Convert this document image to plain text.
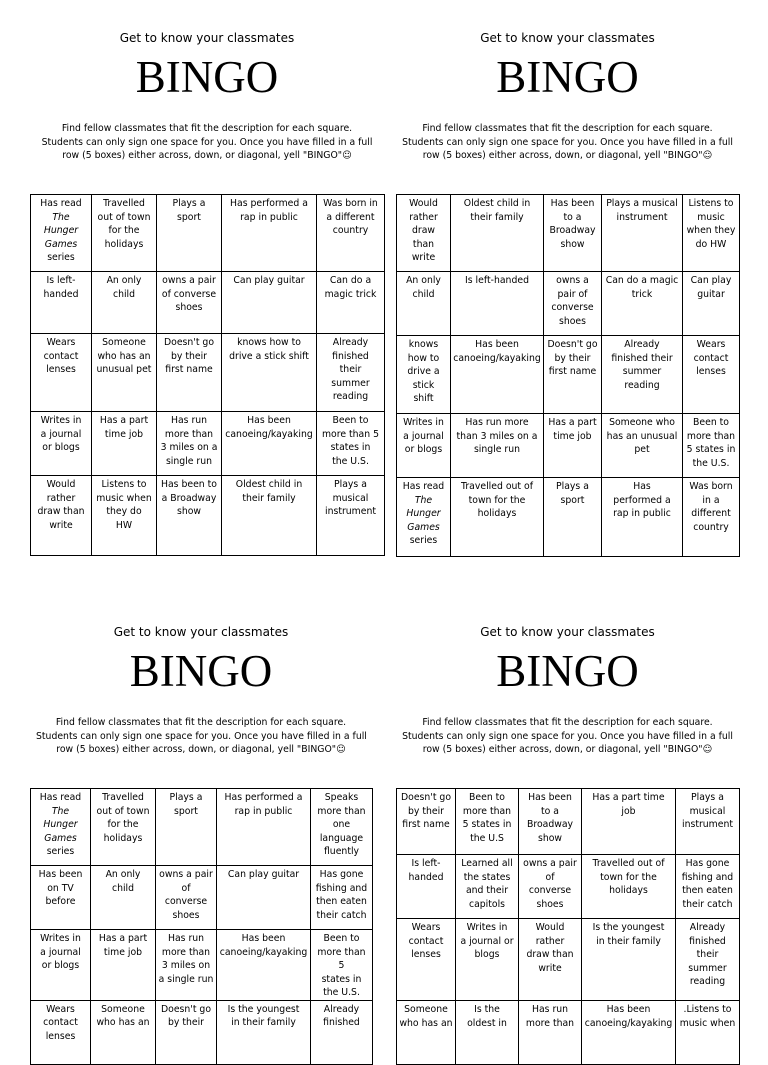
Get to know your classmates
BINGO
Find fellow classmates that fit the description for each square.
Students can only sign one space for you. Once you have filled in a full
row (5 boxes) either across, down, or diagonal, yell "BINGO"☺
Has read
The
Hunger
Games
series	Travelled
out of town
for the
holidays	Plays a
sport	Has performed a
rap in public	Was born in
a different
country

Is left-
handed	An only
child	owns a pair
of converse
shoes	Can play guitar	Can do a
magic trick

Wears
contact
lenses	Someone
who has an
unusual pet	Doesn't go
by their
first name	knows how to
drive a stick shift	Already
finished
their
summer
reading

Writes in
a journal
or blogs	Has a part
time job	Has run
more than
3 miles on a
single run	Has been
canoeing/kayaking	Been to
more than 5
states in
the U.S.

Would
rather
draw than
write	Listens to
music when
they do
HW	Has been to
a Broadway
show	Oldest child in
their family	Plays a
musical
instrument
Get to know your classmates
BINGO
Find fellow classmates that fit the description for each square.
Students can only sign one space for you. Once you have filled in a full
row (5 boxes) either across, down, or diagonal, yell "BINGO"☺
Would
rather
draw
than
write	Oldest child in
their family	Has been
to a
Broadway
show	Plays a musical
instrument	Listens to
music
when they
do HW

An only
child	Is left-handed	owns a
pair of
converse
shoes	Can do a magic
trick	Can play
guitar

knows
how to
drive a
stick
shift	Has been
canoeing/kayaking	Doesn't go
by their
first name	Already
finished their
summer
reading	Wears
contact
lenses

Writes in
a journal
or blogs	Has run more
than 3 miles on a
single run	Has a part
time job	Someone who
has an unusual
pet	Been to
more than
5 states in
the U.S.

Has read
The
Hunger
Games
series	Travelled out of
town for the
holidays	Plays a
sport	Has
performed a
rap in public	Was born
in a
different
country
Get to know your classmates
BINGO
Find fellow classmates that fit the description for each square.
Students can only sign one space for you. Once you have filled in a full
row (5 boxes) either across, down, or diagonal, yell "BINGO"☺
Has read
The
Hunger
Games
series	Travelled
out of town
for the
holidays	Plays a
sport	Has performed a
rap in public	Speaks
more than
one
language
fluently

Has been
on TV
before	An only
child	owns a pair
of
converse
shoes	Can play guitar	Has gone
fishing and
then eaten
their catch

Writes in
a journal
or blogs	Has a part
time job	Has run
more than
3 miles on
a single run	Has been
canoeing/kayaking	Been to
more than 5
states in
the U.S.

Wears
contact
lenses	Someone
who has an	Doesn't go
by their	Is the youngest
in their family	Already
finished
Get to know your classmates
BINGO
Find fellow classmates that fit the description for each square.
Students can only sign one space for you. Once you have filled in a full
row (5 boxes) either across, down, or diagonal, yell "BINGO"☺
Doesn't go
by their
first name	Been to
more than
5 states in
the U.S	Has been
to a
Broadway
show	Has a part time
job	Plays a
musical
instrument

Is left-
handed	Learned all
the states
and their
capitols	owns a pair
of
converse
shoes	Travelled out of
town for the
holidays	Has gone
fishing and
then eaten
their catch

Wears
contact
lenses	Writes in
a journal or
blogs	Would
rather
draw than
write	Is the youngest
in their family	Already
finished
their
summer
reading

Someone
who has an	Is the
oldest in	Has run
more than	Has been
canoeing/kayaking	.Listens to
music when
